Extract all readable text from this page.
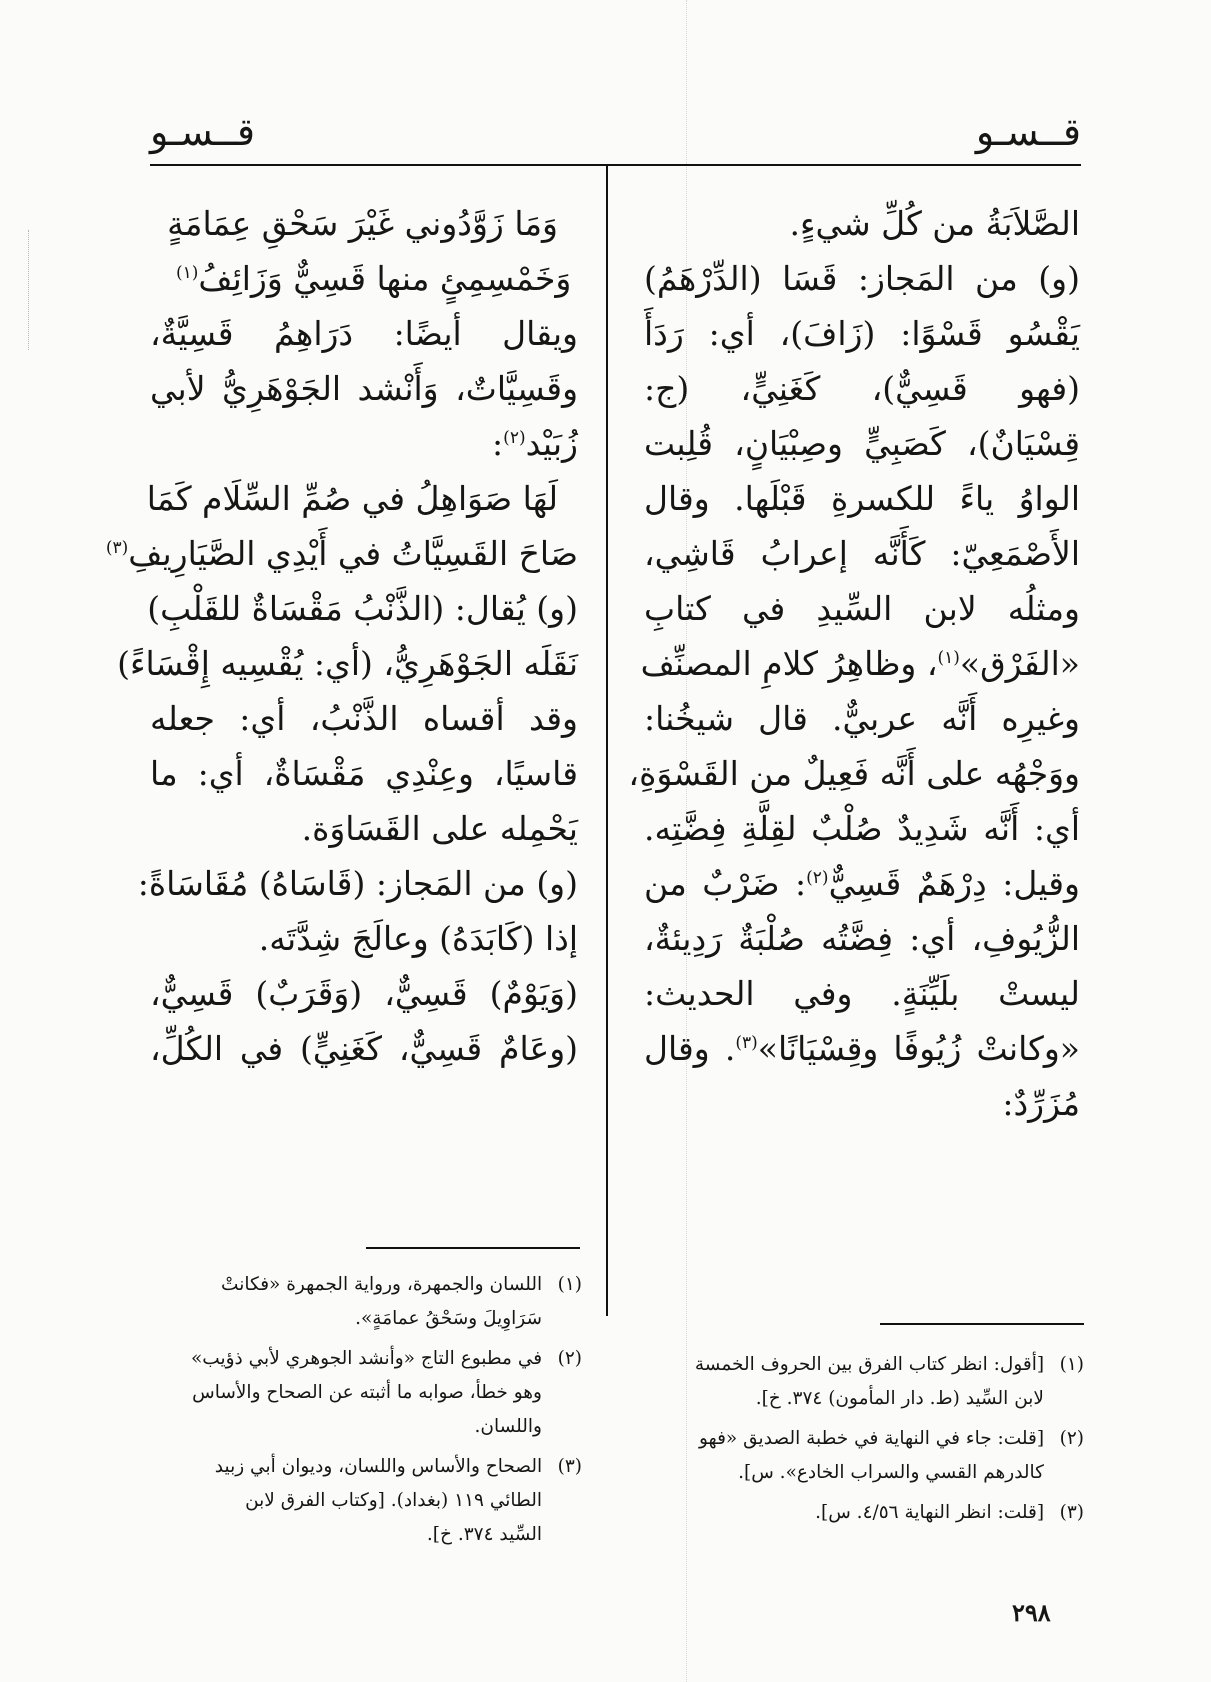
قــسـو
قــسـو
الصَّلاَبَةُ من كُلِّ شيءٍ.
(و) من المَجاز: قَسَا (الدِّرْهَمُ)
يَقْسُو قَسْوًا: (زَافَ)، أي: رَدَأَ
(فهو قَسِيٌّ)، كَغَنِيٍّ، (ج:
قِسْيَانٌ)، كَصَبِيٍّ وصِبْيَانٍ، قُلِبت
الواوُ ياءً للكسرةِ قَبْلَها. وقال
الأَصْمَعِيّ: كَأَنَّه إعرابُ قَاشِي،
ومثلُه لابن السِّيدِ في كتابِ
«الفَرْق»$^{(١)}$، وظاهِرُ كلامِ المصنِّف
وغيرِه أَنَّه عربيٌّ. قال شيخُنا:
ووَجْهُه على أَنَّه فَعِيلٌ من القَسْوَةِ،
أي: أَنَّه شَدِيدٌ صُلْبٌ لقِلَّةِ فِضَّتِه.
وقيل: دِرْهَمٌ قَسِيٌّ$^{(٢)}$: ضَرْبٌ من
الزُّيُوفِ، أي: فِضَّتُه صُلْبَةٌ رَدِيئةٌ،
ليستْ بلَيِّنَةٍ. وفي الحديث:
«وكانتْ زُيُوفًا وقِسْيَانًا»$^{(٣)}$. وقال
مُزَرِّدٌ:
وَمَا زَوَّدُوني غَيْرَ سَحْقِ عِمَامَةٍ
وَخَمْسِمِئٍ منها قَسِيٌّ وَزَائِفُ$^{(١)}$
ويقال أيضًا: دَرَاهِمُ قَسِيَّةٌ،
وقَسِيَّاتٌ، وَأَنْشد الجَوْهَرِيُّ لأبي
زُبَيْد$^{(٢)}$:
لَهَا صَوَاهِلُ في صُمِّ السِّلَام كَمَا
صَاحَ القَسِيَّاتُ في أَيْدِي الصَّيَارِيفِ$^{(٣)}$
(و) يُقال: (الذَّنْبُ مَقْسَاةٌ للقَلْبِ)
نَقَلَه الجَوْهَرِيُّ، (أي: يُقْسِيه إِقْسَاءً)
وقد أقساه الذَّنْبُ، أي: جعله
قاسيًا، وعِنْدِي مَقْسَاةٌ، أي: ما
يَحْمِله على القَسَاوَة.
(و) من المَجاز: (قَاسَاهُ) مُقَاسَاةً:
إذا (كَابَدَهُ) وعالَجَ شِدَّتَه.
(وَيَوْمٌ) قَسِيٌّ، (وَقَرَبٌ) قَسِيٌّ،
(وعَامٌ قَسِيٌّ، كَغَنِيٍّ) في الكُلِّ،
(١) اللسان والجمهرة، ورواية الجمهرة «فكانتْ
سَرَاوِيلَ وسَحْقُ عمامَةٍ».
(٢) في مطبوع التاج «وأنشد الجوهري لأبي ذؤيب»
وهو خطأ، صوابه ما أثبته عن الصحاح والأساس
واللسان.
(٣) الصحاح والأساس واللسان، وديوان أبي زبيد
الطائي ١١٩ (بغداد). [وكتاب الفرق لابن
السِّيد ٣٧٤. خ].
(١) [أقول: انظر كتاب الفرق بين الحروف الخمسة
لابن السِّيد (ط. دار المأمون) ٣٧٤. خ].
(٢) [قلت: جاء في النهاية في خطبة الصديق «فهو
كالدرهم القسي والسراب الخادع». س].
(٣) [قلت: انظر النهاية ٤/٥٦. س].
٢٩٨
